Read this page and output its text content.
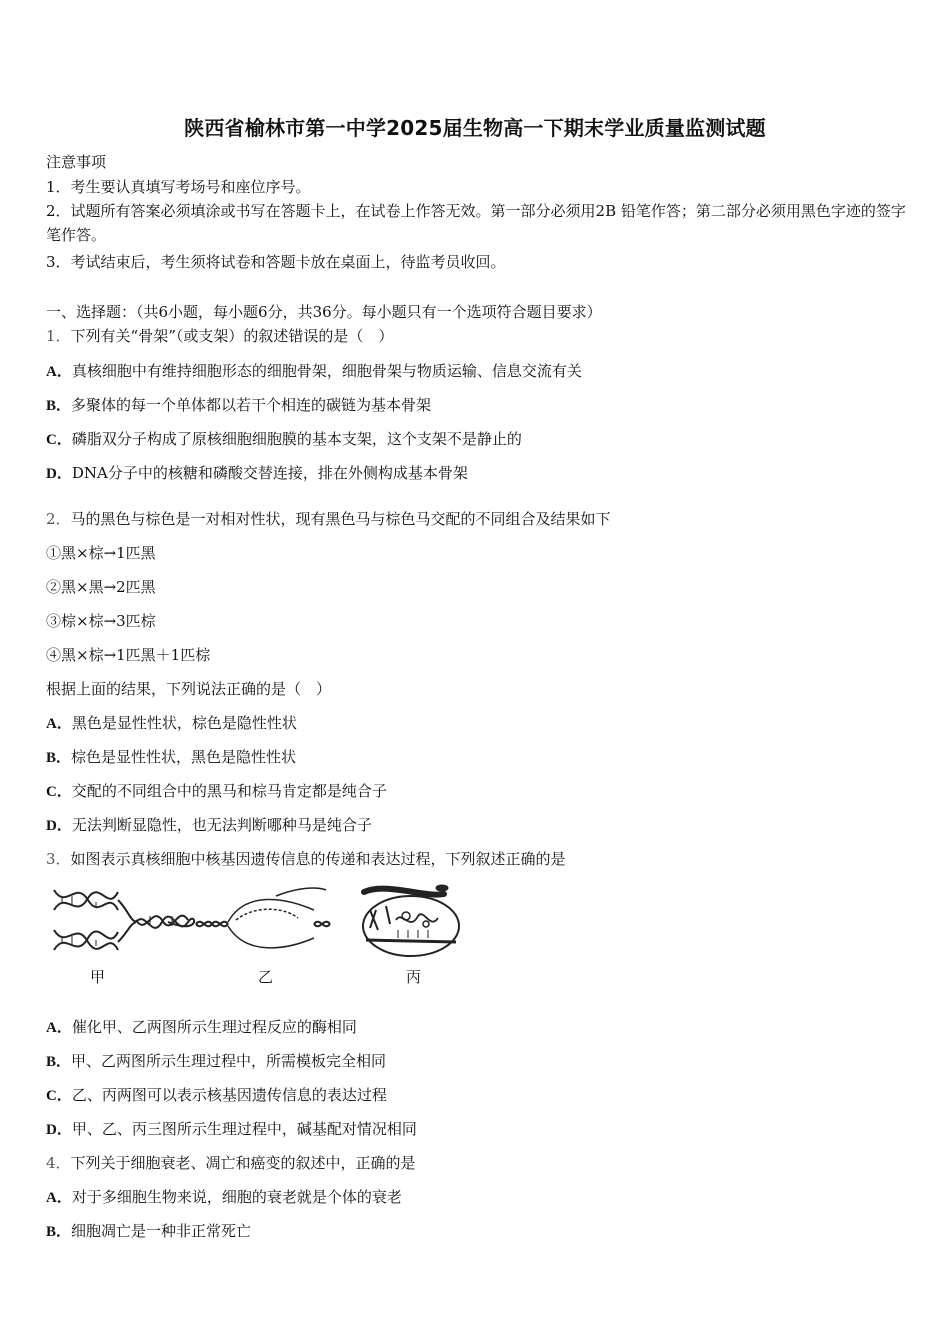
陕西省榆林市第一中学2025届生物高一下期末学业质量监测试题
注意事项
1．考生要认真填写考场号和座位序号。
2．试题所有答案必须填涂或书写在答题卡上，在试卷上作答无效。第一部分必须用2B 铅笔作答；第二部分必须用黑色字迹的签字笔作答。
3．考试结束后，考生须将试卷和答题卡放在桌面上，待监考员收回。
一、选择题：（共6小题，每小题6分，共36分。每小题只有一个选项符合题目要求）
1．下列有关“骨架”（或支架）的叙述错误的是（　）
A．真核细胞中有维持细胞形态的细胞骨架，细胞骨架与物质运输、信息交流有关
B．多聚体的每一个单体都以若干个相连的碳链为基本骨架
C．磷脂双分子构成了原核细胞细胞膜的基本支架，这个支架不是静止的
D．DNA分子中的核糖和磷酸交替连接，排在外侧构成基本骨架
2．马的黑色与棕色是一对相对性状，现有黑色马与棕色马交配的不同组合及结果如下
①黑×棕→1匹黑
②黑×黑→2匹黑
③棕×棕→3匹棕
④黑×棕→1匹黑＋1匹棕
根据上面的结果，下列说法正确的是（　）
A．黑色是显性性状，棕色是隐性性状
B．棕色是显性性状，黑色是隐性性状
C．交配的不同组合中的黑马和棕马肯定都是纯合子
D．无法判断显隐性，也无法判断哪种马是纯合子
3．如图表示真核细胞中核基因遗传信息的传递和表达过程，下列叙述正确的是
甲	乙	丙
A．催化甲、乙两图所示生理过程反应的酶相同
B．甲、乙两图所示生理过程中，所需模板完全相同
C．乙、丙两图可以表示核基因遗传信息的表达过程
D．甲、乙、丙三图所示生理过程中，碱基配对情况相同
4．下列关于细胞衰老、凋亡和癌变的叙述中，正确的是
A．对于多细胞生物来说，细胞的衰老就是个体的衰老
B．细胞凋亡是一种非正常死亡
